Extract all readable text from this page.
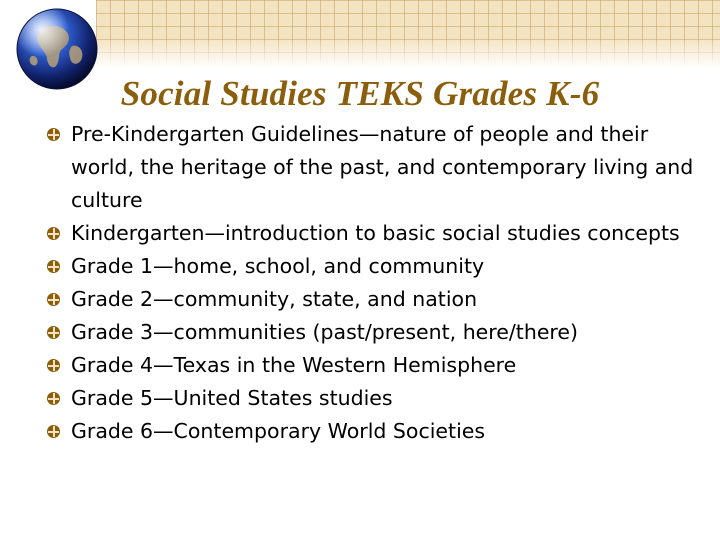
Social Studies TEKS Grades K-6
Pre-Kindergarten Guidelines—nature of people and their world, the heritage of the past, and contemporary living and culture
Kindergarten—introduction to basic social studies concepts
Grade 1—home, school, and community
Grade 2—community, state, and nation
Grade 3—communities (past/present, here/there)
Grade 4—Texas in the Western Hemisphere
Grade 5—United States studies
Grade 6—Contemporary World Societies
